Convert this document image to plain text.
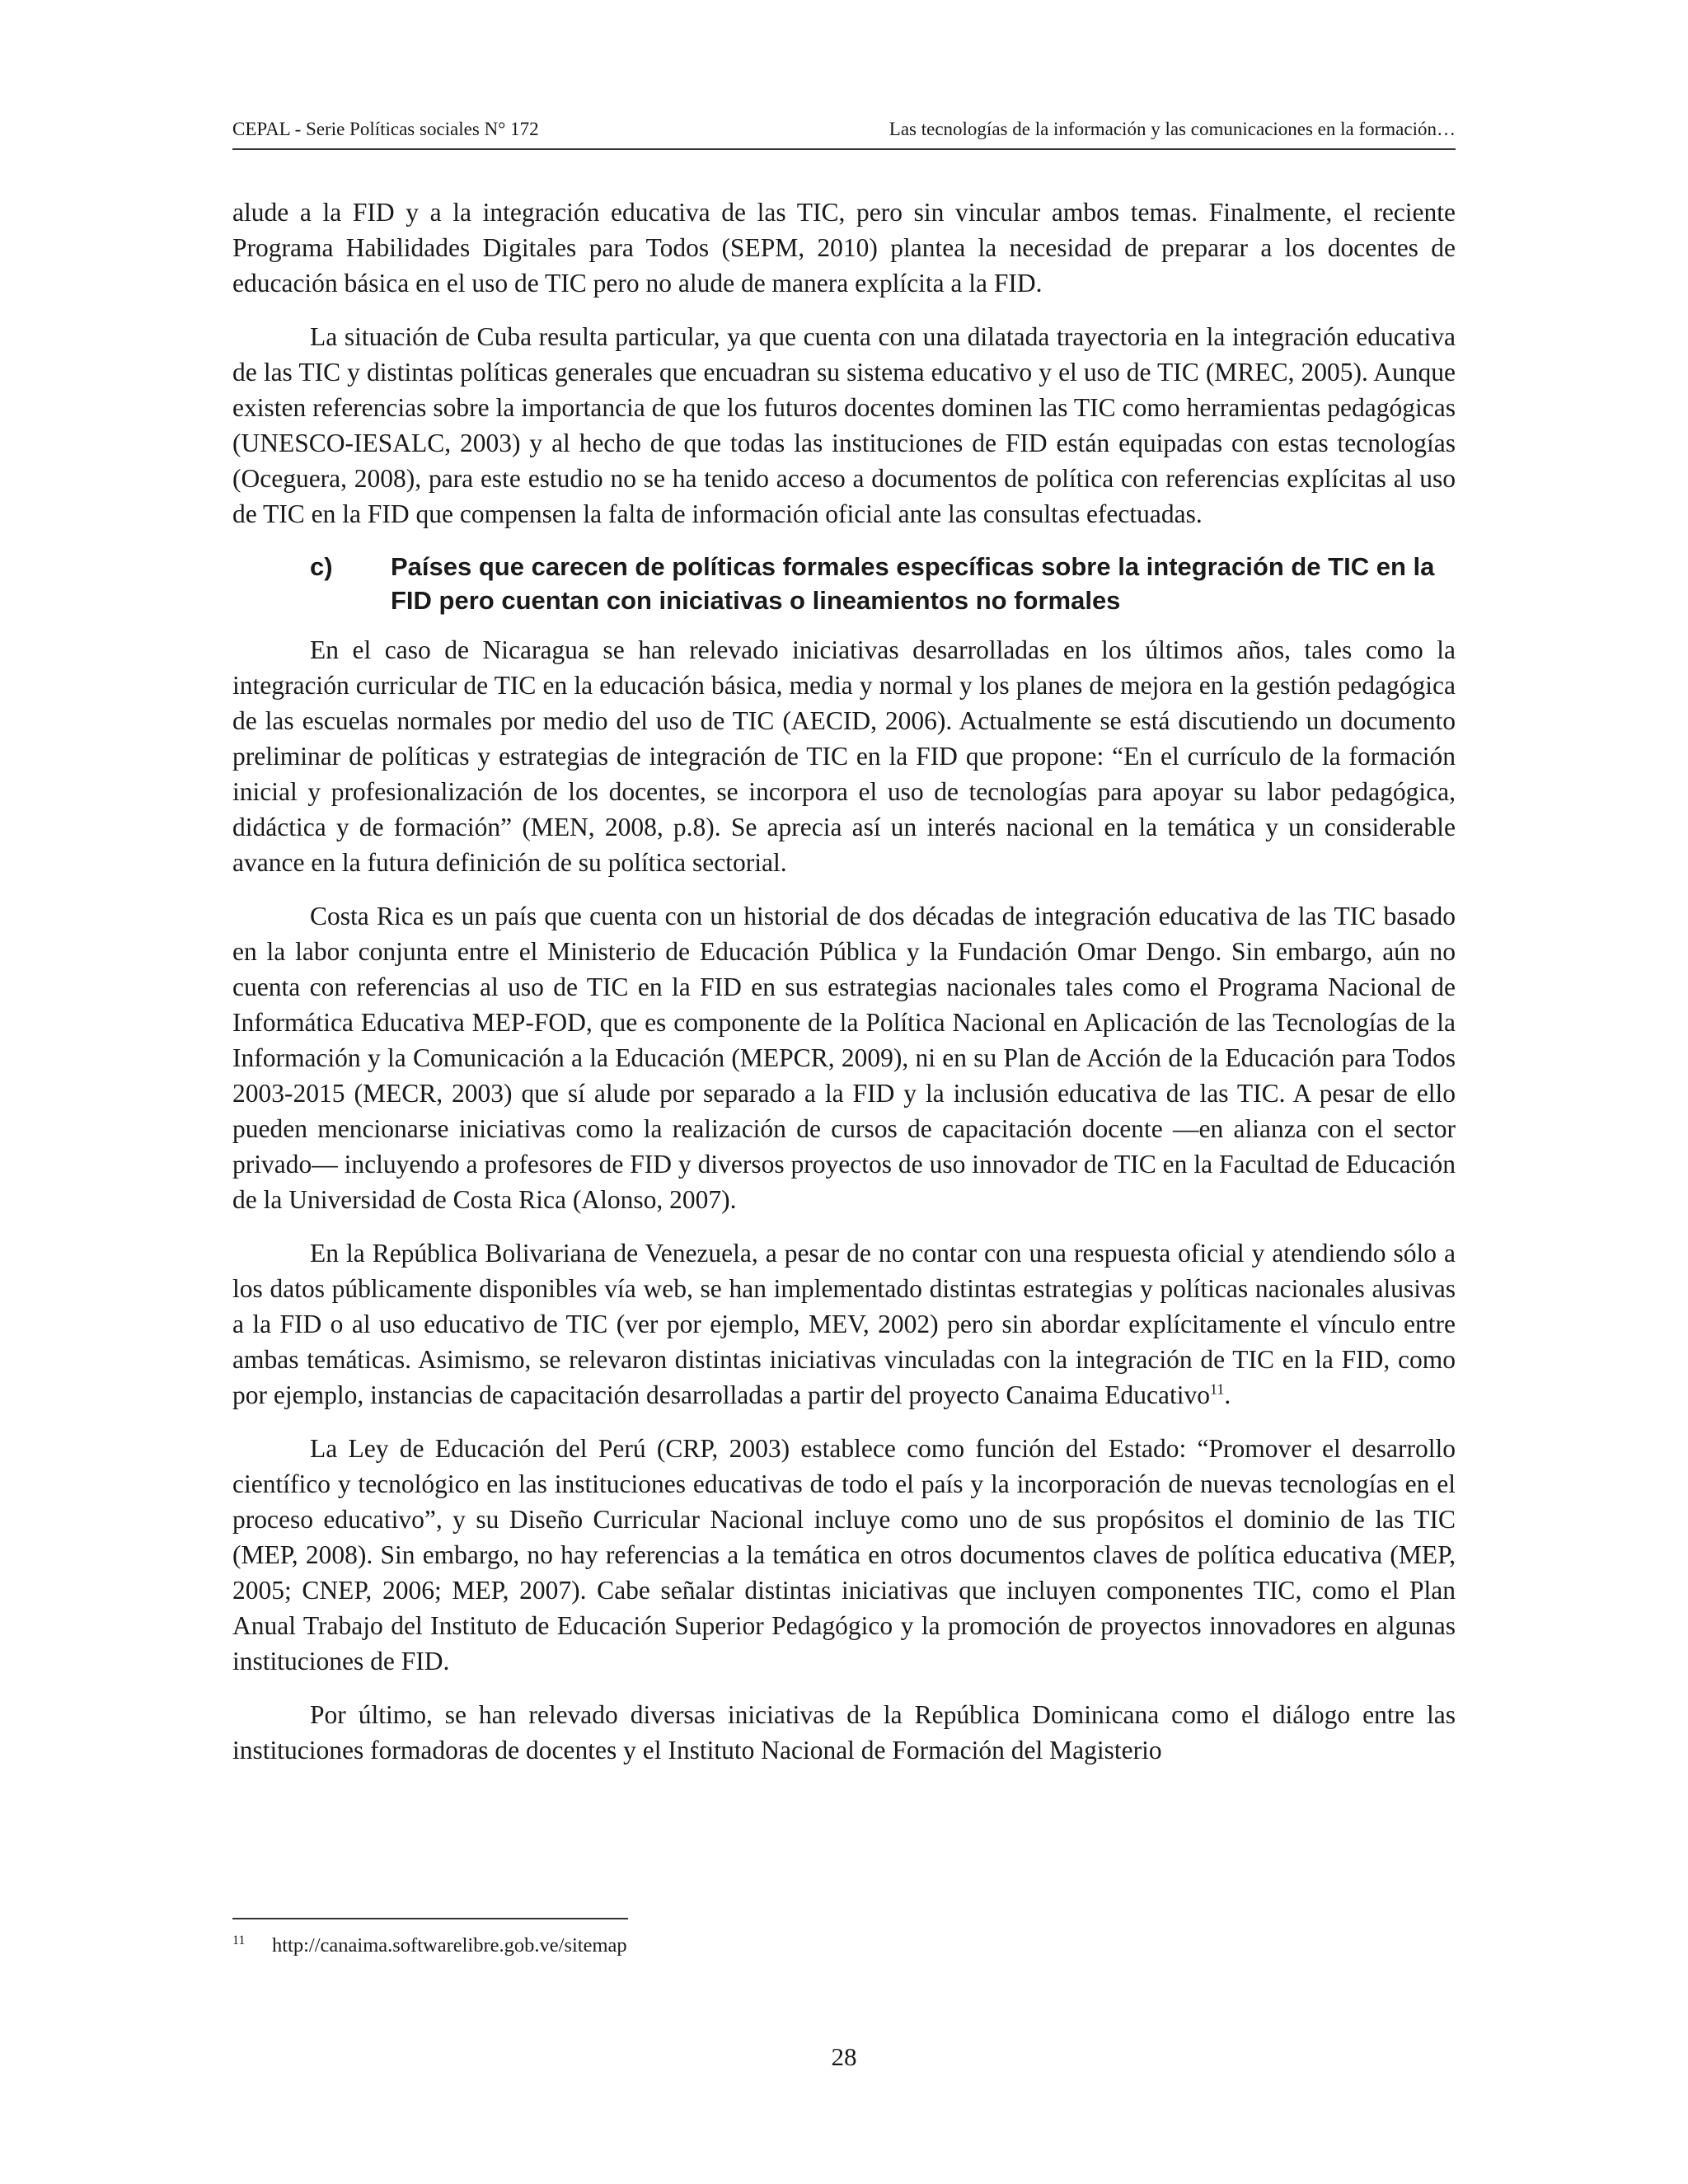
CEPAL - Serie Políticas sociales N° 172	Las tecnologías de la información y las comunicaciones en la formación…

alude a la FID y a la integración educativa de las TIC, pero sin vincular ambos temas. Finalmente, el reciente Programa Habilidades Digitales para Todos (SEPM, 2010) plantea la necesidad de preparar a los docentes de educación básica en el uso de TIC pero no alude de manera explícita a la FID.

La situación de Cuba resulta particular, ya que cuenta con una dilatada trayectoria en la integración educativa de las TIC y distintas políticas generales que encuadran su sistema educativo y el uso de TIC (MREC, 2005). Aunque existen referencias sobre la importancia de que los futuros docentes dominen las TIC como herramientas pedagógicas (UNESCO-IESALC, 2003) y al hecho de que todas las instituciones de FID están equipadas con estas tecnologías (Oceguera, 2008), para este estudio no se ha tenido acceso a documentos de política con referencias explícitas al uso de TIC en la FID que compensen la falta de información oficial ante las consultas efectuadas.

c) Países que carecen de políticas formales específicas sobre la integración de TIC en la FID pero cuentan con iniciativas o lineamientos no formales

En el caso de Nicaragua se han relevado iniciativas desarrolladas en los últimos años, tales como la integración curricular de TIC en la educación básica, media y normal y los planes de mejora en la gestión pedagógica de las escuelas normales por medio del uso de TIC (AECID, 2006). Actualmente se está discutiendo un documento preliminar de políticas y estrategias de integración de TIC en la FID que propone: “En el currículo de la formación inicial y profesionalización de los docentes, se incorpora el uso de tecnologías para apoyar su labor pedagógica, didáctica y de formación” (MEN, 2008, p.8). Se aprecia así un interés nacional en la temática y un considerable avance en la futura definición de su política sectorial.

Costa Rica es un país que cuenta con un historial de dos décadas de integración educativa de las TIC basado en la labor conjunta entre el Ministerio de Educación Pública y la Fundación Omar Dengo. Sin embargo, aún no cuenta con referencias al uso de TIC en la FID en sus estrategias nacionales tales como el Programa Nacional de Informática Educativa MEP-FOD, que es componente de la Política Nacional en Aplicación de las Tecnologías de la Información y la Comunicación a la Educación (MEPCR, 2009), ni en su Plan de Acción de la Educación para Todos 2003-2015 (MECR, 2003) que sí alude por separado a la FID y la inclusión educativa de las TIC. A pesar de ello pueden mencionarse iniciativas como la realización de cursos de capacitación docente —en alianza con el sector privado— incluyendo a profesores de FID y diversos proyectos de uso innovador de TIC en la Facultad de Educación de la Universidad de Costa Rica (Alonso, 2007).

En la República Bolivariana de Venezuela, a pesar de no contar con una respuesta oficial y atendiendo sólo a los datos públicamente disponibles vía web, se han implementado distintas estrategias y políticas nacionales alusivas a la FID o al uso educativo de TIC (ver por ejemplo, MEV, 2002) pero sin abordar explícitamente el vínculo entre ambas temáticas. Asimismo, se relevaron distintas iniciativas vinculadas con la integración de TIC en la FID, como por ejemplo, instancias de capacitación desarrolladas a partir del proyecto Canaima Educativo$^{11}$.

La Ley de Educación del Perú (CRP, 2003) establece como función del Estado: “Promover el desarrollo científico y tecnológico en las instituciones educativas de todo el país y la incorporación de nuevas tecnologías en el proceso educativo”, y su Diseño Curricular Nacional incluye como uno de sus propósitos el dominio de las TIC (MEP, 2008). Sin embargo, no hay referencias a la temática en otros documentos claves de política educativa (MEP, 2005; CNEP, 2006; MEP, 2007). Cabe señalar distintas iniciativas que incluyen componentes TIC, como el Plan Anual Trabajo del Instituto de Educación Superior Pedagógico y la promoción de proyectos innovadores en algunas instituciones de FID.

Por último, se han relevado diversas iniciativas de la República Dominicana como el diálogo entre las instituciones formadoras de docentes y el Instituto Nacional de Formación del Magisterio

11 http://canaima.softwarelibre.gob.ve/sitemap
28
